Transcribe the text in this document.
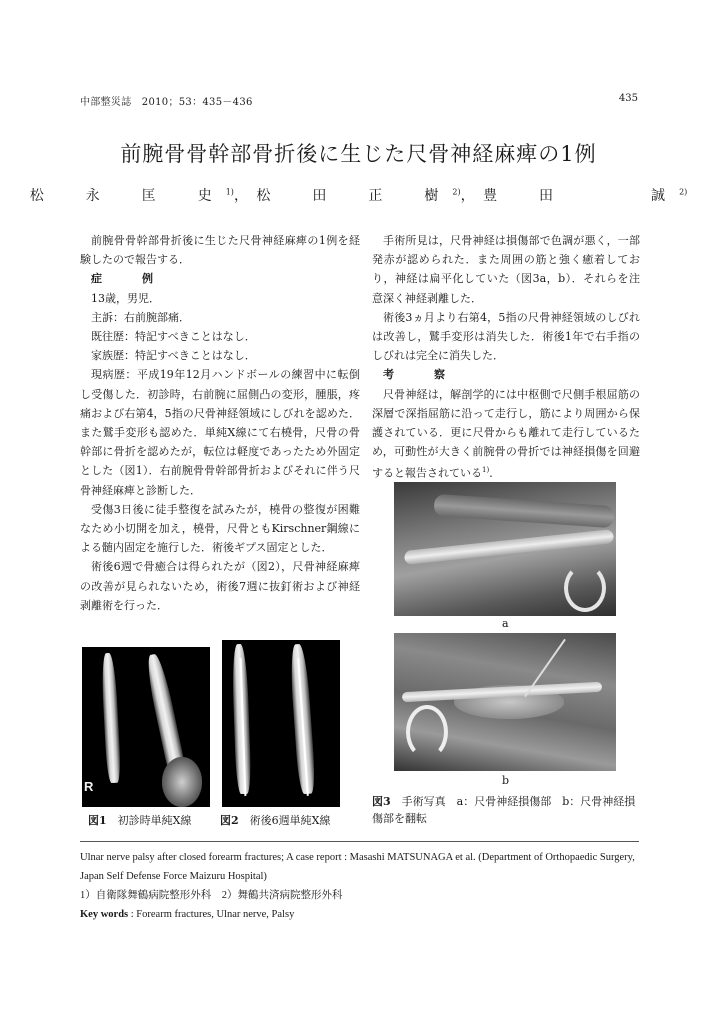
中部整災誌　2010；53：435－436	435
前腕骨骨幹部骨折後に生じた尺骨神経麻痺の1例
松　永　匡　史$^{1)}$， 松　田　正　樹$^{2)}$， 豊　田　　　誠$^{2)}$

前腕骨骨幹部骨折後に生じた尺骨神経麻痺の1例を経験したので報告する．

症	例

13歳，男児．

主訴：右前腕部痛．

既往歴：特記すべきことはなし．

家族歴：特記すべきことはなし．

現病歴：平成19年12月ハンドボールの練習中に転倒し受傷した．初診時，右前腕に屈側凸の変形，腫脹，疼痛および右第4，5指の尺骨神経領域にしびれを認めた．また鷲手変形も認めた．単純X線にて右橈骨，尺骨の骨幹部に骨折を認めたが，転位は軽度であったため外固定とした（図1）．右前腕骨骨幹部骨折およびそれに伴う尺骨神経麻痺と診断した．

受傷3日後に徒手整復を試みたが，橈骨の整復が困難なため小切開を加え，橈骨，尺骨ともKirschner鋼線による髄内固定を施行した．術後ギプス固定とした．

術後6週で骨癒合は得られたが（図2），尺骨神経麻痺の改善が見られないため，術後7週に抜釘術および神経剥離術を行った．

手術所見は，尺骨神経は損傷部で色調が悪く，一部発赤が認められた．また周囲の筋と強く癒着しており，神経は扁平化していた（図3a，b）．それらを注意深く神経剥離した．

術後3ヵ月より右第4，5指の尺骨神経領域のしびれは改善し，鷲手変形は消失した．術後1年で右手指のしびれは完全に消失した．

考	察

尺骨神経は，解剖学的には中枢側で尺側手根屈筋の深層で深指屈筋に沿って走行し，筋により周囲から保護されている．更に尺骨からも離れて走行しているため，可動性が大きく前腕骨の骨折では神経損傷を回避すると報告されている$^{1)}$．

R
図1　 初診時単純X線	図2　 術後6週単純X線
a
b
図3　 手術写真　a：尺骨神経損傷部　b：尺骨神経損傷部を翻転

Ulnar nerve palsy after closed forearm fractures; A case report : Masashi MATSUNAGA et al. (Department of Orthopaedic Surgery, Japan Self Defense Force Maizuru Hospital)

1）自衛隊舞鶴病院整形外科　2）舞鶴共済病院整形外科

Key words : Forearm fractures, Ulnar nerve, Palsy
